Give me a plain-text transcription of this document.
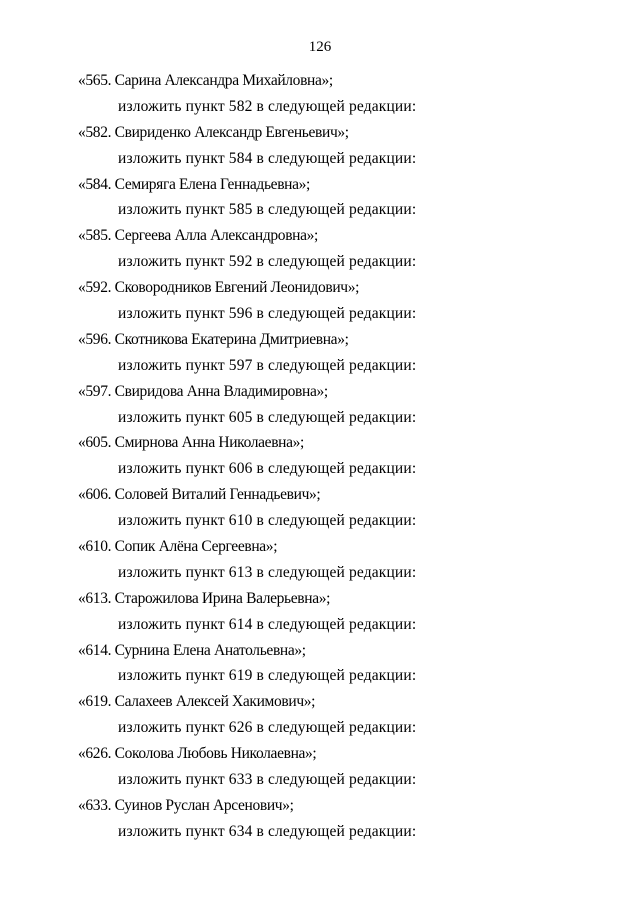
126
«565. Сарина Александра Михайловна»;
изложить пункт 582 в следующей редакции:
«582. Свириденко Александр Евгеньевич»;
изложить пункт 584 в следующей редакции:
«584. Семиряга Елена Геннадьевна»;
изложить пункт 585 в следующей редакции:
«585. Сергеева Алла Александровна»;
изложить пункт 592 в следующей редакции:
«592. Сковородников Евгений Леонидович»;
изложить пункт 596 в следующей редакции:
«596. Скотникова Екатерина Дмитриевна»;
изложить пункт 597 в следующей редакции:
«597. Свиридова Анна Владимировна»;
изложить пункт 605 в следующей редакции:
«605. Смирнова Анна Николаевна»;
изложить пункт 606 в следующей редакции:
«606. Соловей Виталий Геннадьевич»;
изложить пункт 610 в следующей редакции:
«610. Сопик Алёна Сергеевна»;
изложить пункт 613 в следующей редакции:
«613. Старожилова Ирина Валерьевна»;
изложить пункт 614 в следующей редакции:
«614. Сурнина Елена Анатольевна»;
изложить пункт 619 в следующей редакции:
«619. Салахеев Алексей Хакимович»;
изложить пункт 626 в следующей редакции:
«626. Соколова Любовь Николаевна»;
изложить пункт 633 в следующей редакции:
«633. Суинов Руслан Арсенович»;
изложить пункт 634 в следующей редакции:
